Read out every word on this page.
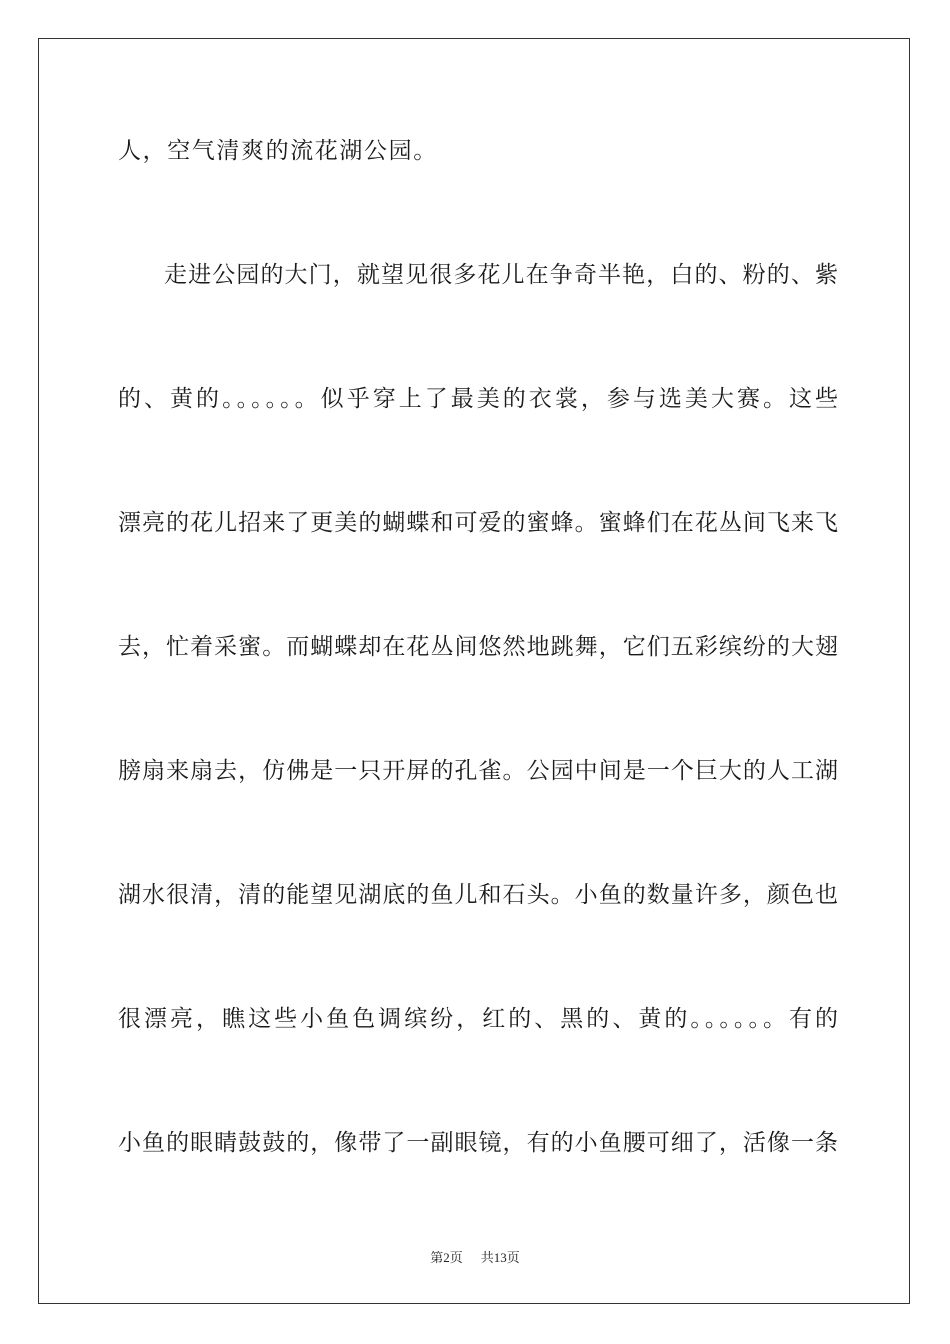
人，空气清爽的流花湖公园。
走进公园的大门，就望见很多花儿在争奇半艳，白的、粉的、紫
的、黄的。。。。。。似乎穿上了最美的衣裳，参与选美大赛。这些
漂亮的花儿招来了更美的蝴蝶和可爱的蜜蜂。蜜蜂们在花丛间飞来飞
去，忙着采蜜。而蝴蝶却在花丛间悠然地跳舞，它们五彩缤纷的大翅
膀扇来扇去，仿佛是一只开屏的孔雀。公园中间是一个巨大的人工湖
湖水很清，清的能望见湖底的鱼儿和石头。小鱼的数量许多，颜色也
很漂亮，瞧这些小鱼色调缤纷，红的、黑的、黄的。。。。。。有的
小鱼的眼睛鼓鼓的，像带了一副眼镜，有的小鱼腰可细了，活像一条
第2页 共13页
